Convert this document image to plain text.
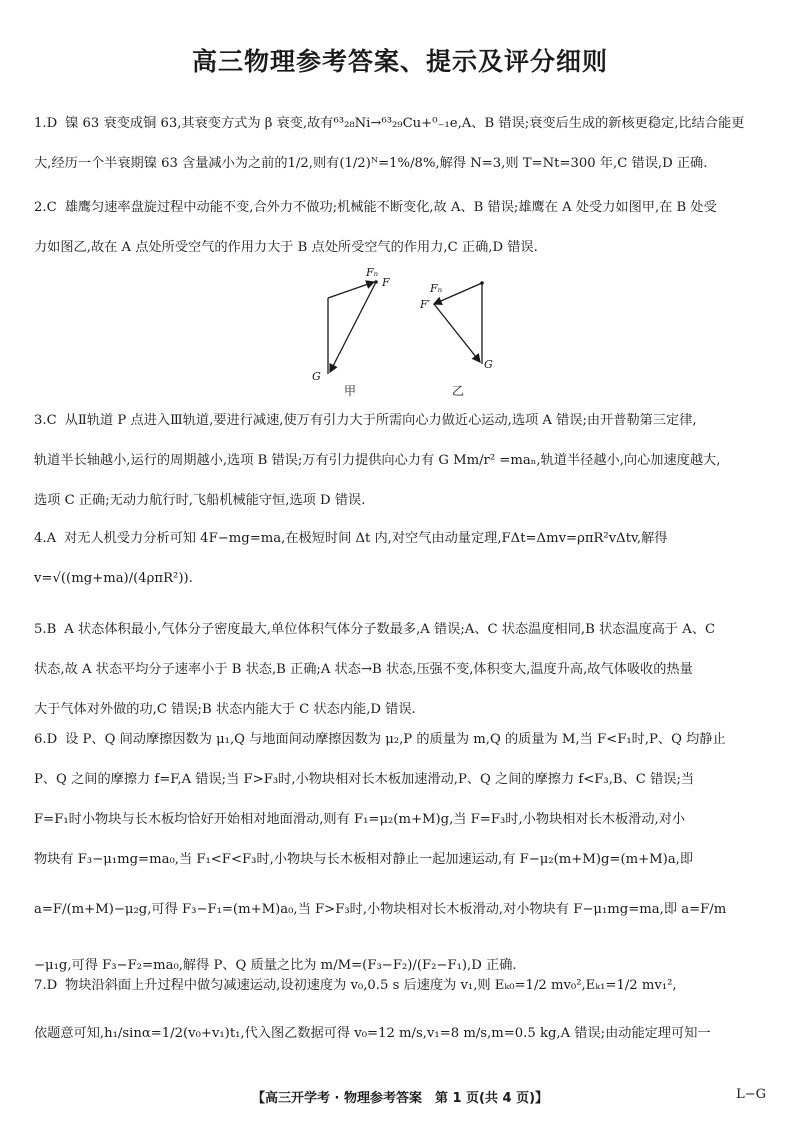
高三物理参考答案、提示及评分细则
1.D 镍 63 衰变成铜 63,其衰变方式为 β 衰变,故有⁶³₂₈Ni→⁶³₂₉Cu+⁰₋₁e,A、B 错误;衰变后生成的新核更稳定,比结合能更
大,经历一个半衰期镍 63 含量减小为之前的1/2,则有(1/2)ᴺ=1%/8%,解得 N=3,则 T=Nt=300 年,C 错误,D 正确.
2.C 雄鹰匀速率盘旋过程中动能不变,合外力不做功;机械能不断变化,故 A、B 错误;雄鹰在 A 处受力如图甲,在 B 处受
力如图乙,故在 A 点处所受空气的作用力大于 B 点处所受空气的作用力,C 正确,D 错误.
Fₙ
F
G
甲
Fₙ
F′
G
乙
3.C 从Ⅱ轨道 P 点进入Ⅲ轨道,要进行减速,使万有引力大于所需向心力做近心运动,选项 A 错误;由开普勒第三定律,
轨道半长轴越小,运行的周期越小,选项 B 错误;万有引力提供向心力有 G Mm/r² =maₙ,轨道半径越小,向心加速度越大,
选项 C 正确;无动力航行时,飞船机械能守恒,选项 D 错误.
4.A 对无人机受力分析可知 4F−mg=ma,在极短时间 Δt 内,对空气由动量定理,FΔt=Δmv=ρπR²vΔtv,解得
v=√((mg+ma)/(4ρπR²)).
5.B A 状态体积最小,气体分子密度最大,单位体积气体分子数最多,A 错误;A、C 状态温度相同,B 状态温度高于 A、C
状态,故 A 状态平均分子速率小于 B 状态,B 正确;A 状态→B 状态,压强不变,体积变大,温度升高,故气体吸收的热量
大于气体对外做的功,C 错误;B 状态内能大于 C 状态内能,D 错误.
6.D 设 P、Q 间动摩擦因数为 μ₁,Q 与地面间动摩擦因数为 μ₂,P 的质量为 m,Q 的质量为 M,当 F<F₁时,P、Q 均静止
P、Q 之间的摩擦力 f=F,A 错误;当 F>F₃时,小物块相对长木板加速滑动,P、Q 之间的摩擦力 f<F₃,B、C 错误;当
F=F₁时小物块与长木板均恰好开始相对地面滑动,则有 F₁=μ₂(m+M)g,当 F=F₃时,小物块相对长木板滑动,对小
物块有 F₃−μ₁mg=ma₀,当 F₁<F<F₃时,小物块与长木板相对静止一起加速运动,有 F−μ₂(m+M)g=(m+M)a,即
a=F/(m+M)−μ₂g,可得 F₃−F₁=(m+M)a₀,当 F>F₃时,小物块相对长木板滑动,对小物块有 F−μ₁mg=ma,即 a=F/m
−μ₁g,可得 F₃−F₂=ma₀,解得 P、Q 质量之比为 m/M=(F₃−F₂)/(F₂−F₁),D 正确.
7.D 物块沿斜面上升过程中做匀减速运动,设初速度为 v₀,0.5 s 后速度为 v₁,则 Eₖ₀=1/2 mv₀²,Eₖ₁=1/2 mv₁²,
依题意可知,h₁/sinα=1/2(v₀+v₁)t₁,代入图乙数据可得 v₀=12 m/s,v₁=8 m/s,m=0.5 kg,A 错误;由动能定理可知一
【高三开学考 · 物理参考答案　第 1 页(共 4 页)】	L−G
